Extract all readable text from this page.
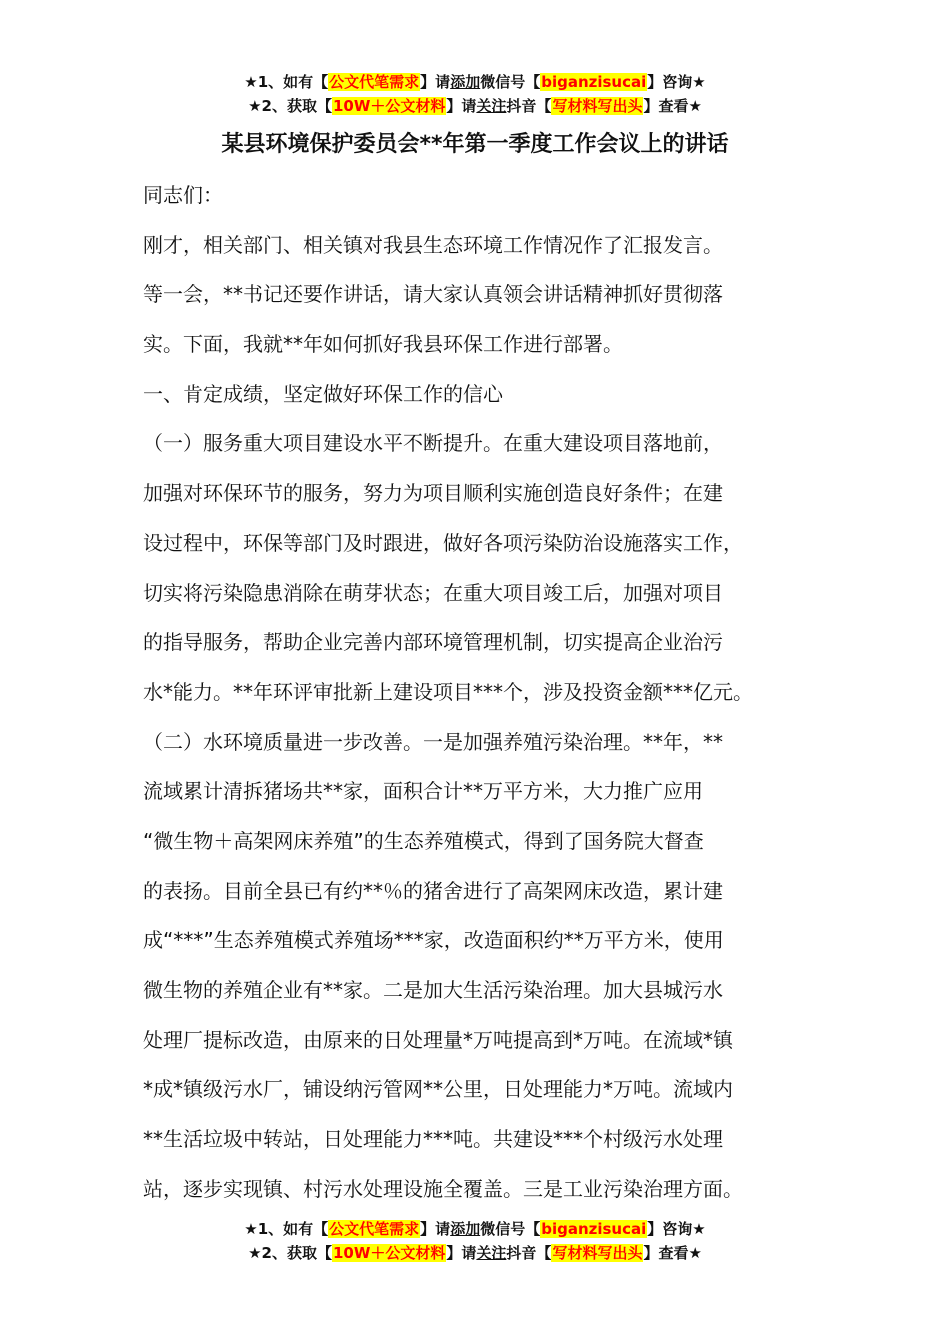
★1、如有【公文代笔需求】请添加微信号【biganzisucai】咨询★
★2、获取【10W＋公文材料】请关注抖音【写材料写出头】查看★
某县环境保护委员会**年第一季度工作会议上的讲话
同志们：
刚才，相关部门、相关镇对我县生态环境工作情况作了汇报发言。
等一会，**书记还要作讲话，请大家认真领会讲话精神抓好贯彻落
实。下面，我就**年如何抓好我县环保工作进行部署。
一、肯定成绩，坚定做好环保工作的信心
（一）服务重大项目建设水平不断提升。在重大建设项目落地前，
加强对环保环节的服务，努力为项目顺利实施创造良好条件；在建
设过程中，环保等部门及时跟进，做好各项污染防治设施落实工作，
切实将污染隐患消除在萌芽状态；在重大项目竣工后，加强对项目
的指导服务，帮助企业完善内部环境管理机制，切实提高企业治污
水*能力。**年环评审批新上建设项目***个，涉及投资金额***亿元。
（二）水环境质量进一步改善。一是加强养殖污染治理。**年，**
流域累计清拆猪场共**家，面积合计**万平方米，大力推广应用
“微生物＋高架网床养殖”的生态养殖模式，得到了国务院大督查
的表扬。目前全县已有约**％的猪舍进行了高架网床改造，累计建
成“***”生态养殖模式养殖场***家，改造面积约**万平方米，使用
微生物的养殖企业有**家。二是加大生活污染治理。加大县城污水
处理厂提标改造，由原来的日处理量*万吨提高到*万吨。在流域*镇
*成*镇级污水厂，铺设纳污管网**公里，日处理能力*万吨。流域内
**生活垃圾中转站，日处理能力***吨。共建设***个村级污水处理
站，逐步实现镇、村污水处理设施全覆盖。三是工业污染治理方面。
★1、如有【公文代笔需求】请添加微信号【biganzisucai】咨询★
★2、获取【10W＋公文材料】请关注抖音【写材料写出头】查看★
